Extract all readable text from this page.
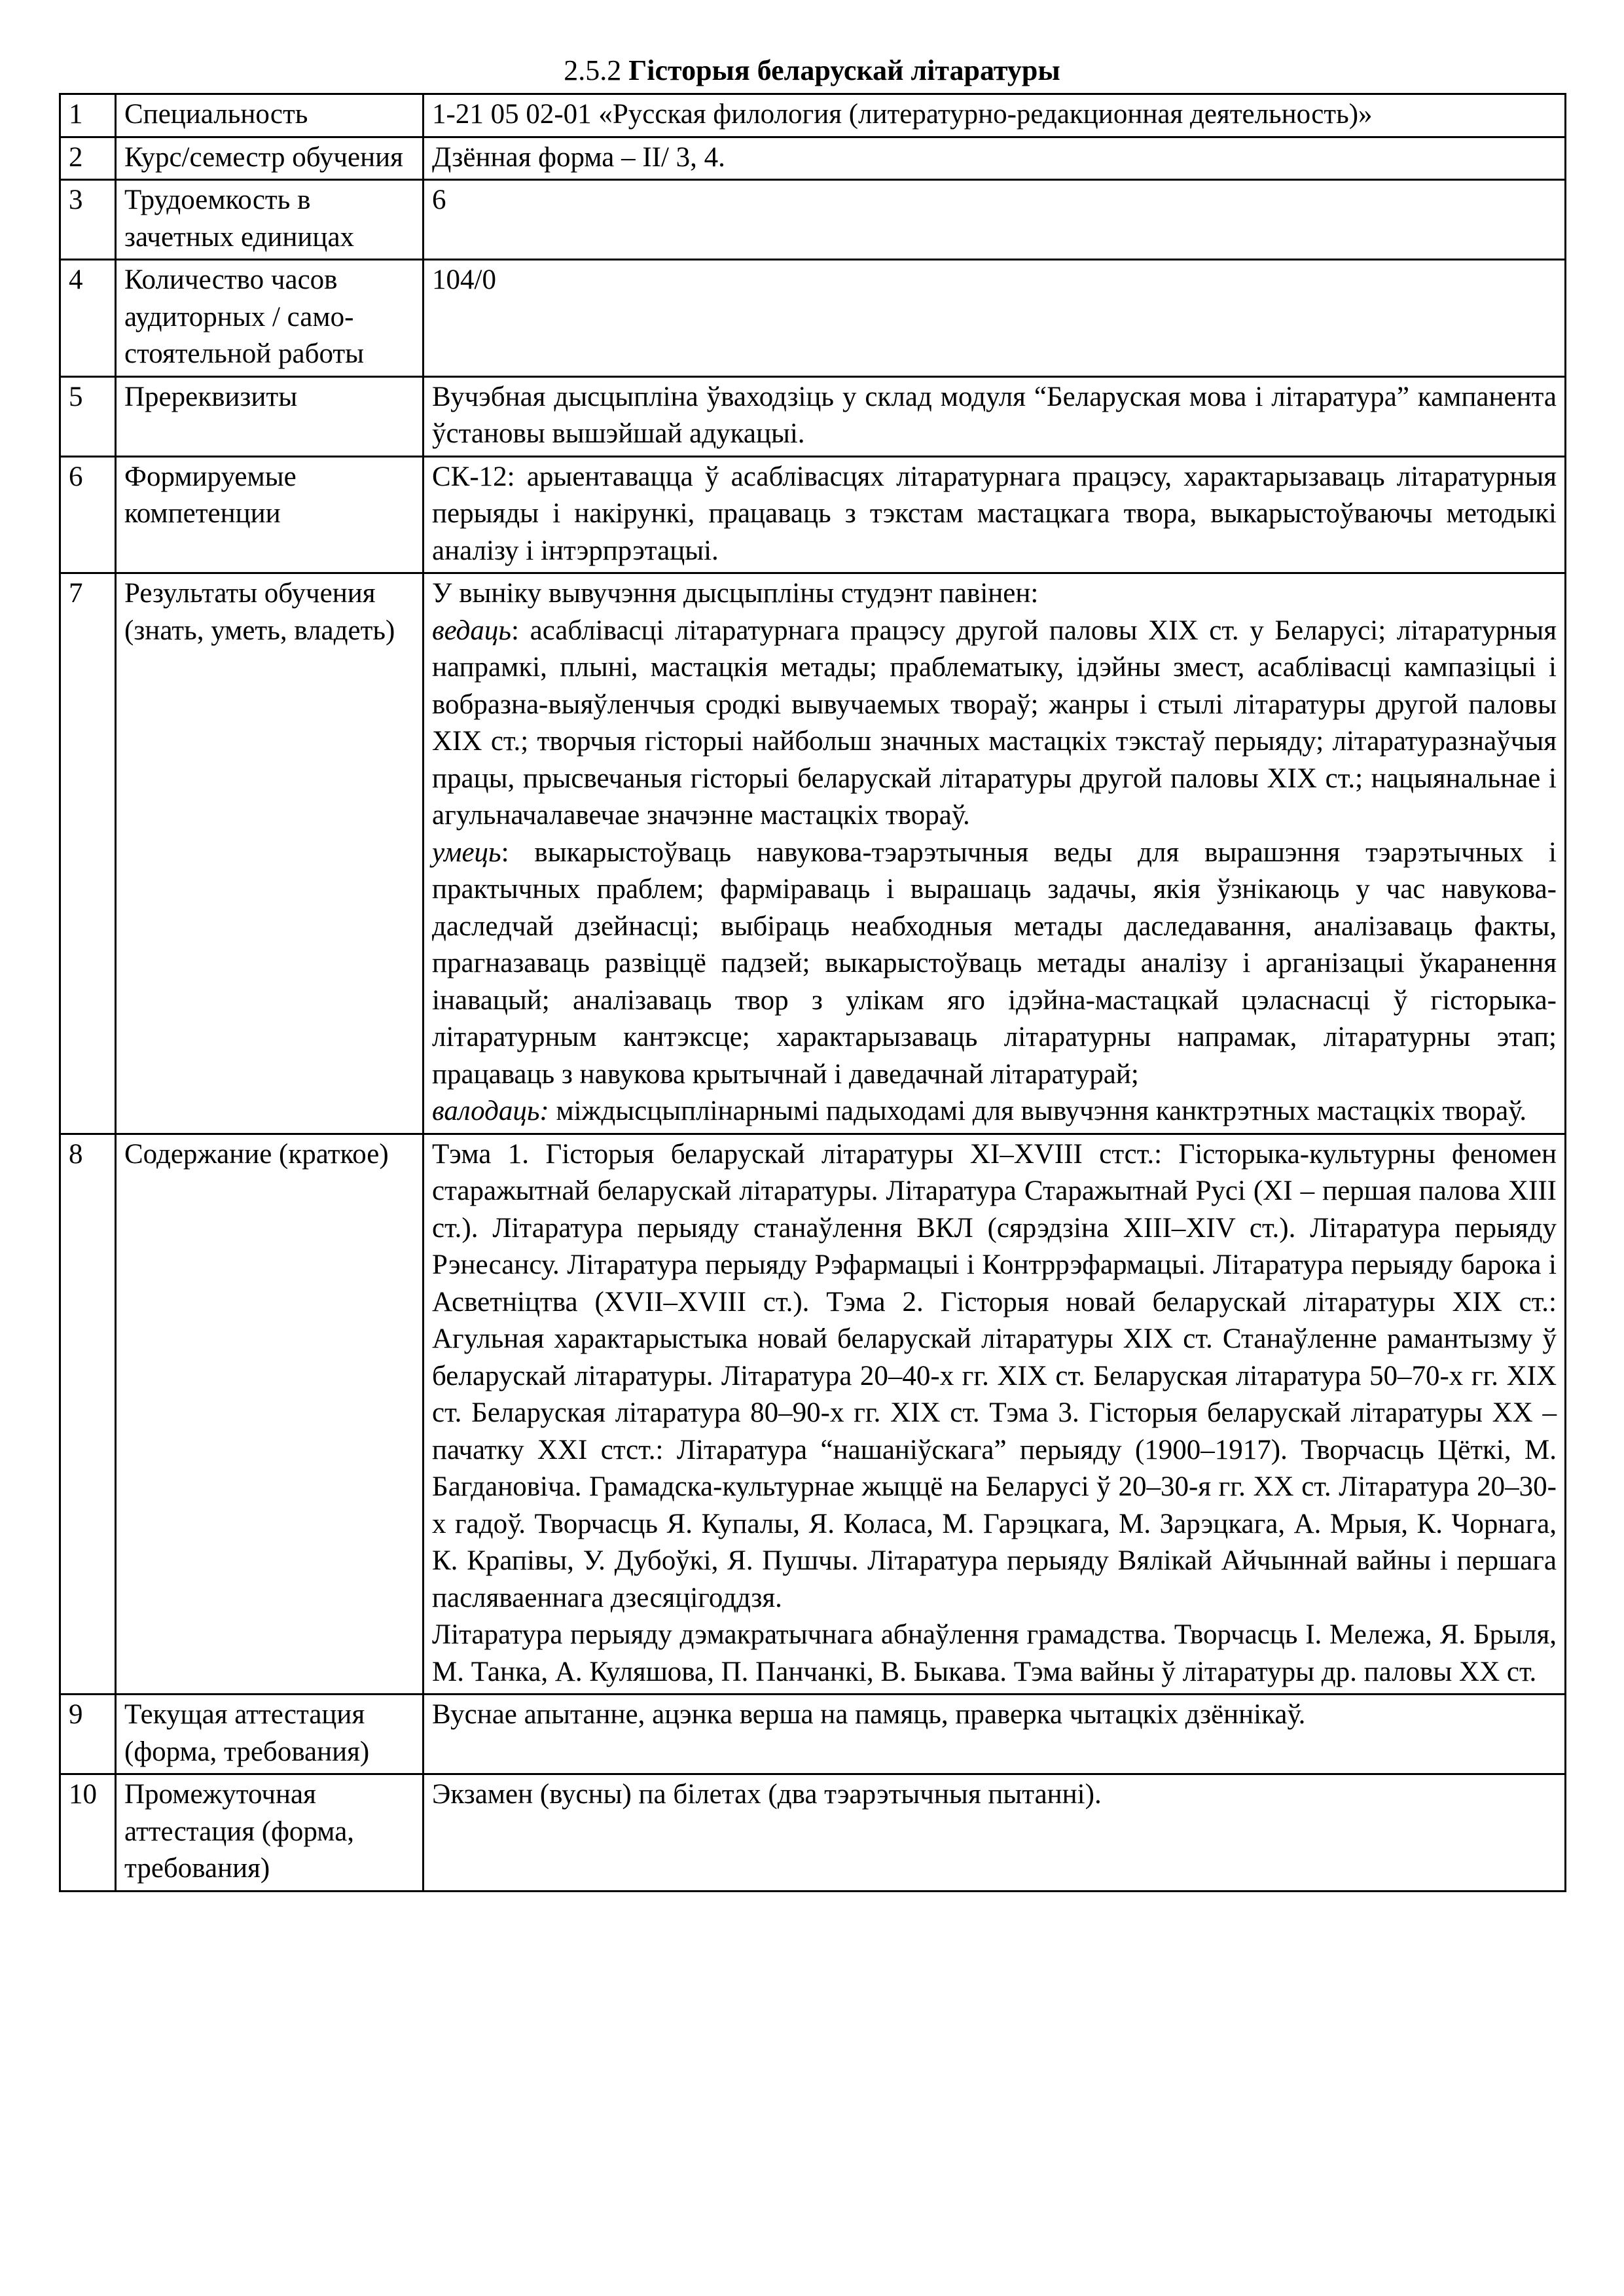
2.5.2 Гісторыя беларускай літаратуры
1	Специальность	1-21 05 02-01 «Русская филология (литературно-редакционная деятельность)»

2	Курс/семестр обучения	Дзённая форма – II/ 3, 4.

3	Трудоемкость в зачетных единицах	6

4	Количество часов аудиторных / само-стоятельной работы	104/0

5	Пререквизиты	Вучэбная дысцыпліна ўваходзіць у склад модуля “Беларуская мова і літаратура” кампанента ўстановы вышэйшай адукацыі.

6	Формируемые компетенции	СК-12: арыентавацца ў асаблівасцях літаратурнага працэсу, характарызаваць літаратурныя перыяды і накірункі, працаваць з тэкстам мастацкага твора, выкарыстоўваючы методыкі аналізу і інтэрпрэтацыі.

7	Результаты обучения (знать, уметь, владеть)	У выніку вывучэння дысцыпліны студэнт павінен:

ведаць: асаблівасці літаратурнага працэсу другой паловы XIX ст. у Беларусі; літаратурныя напрамкі, плыні, мастацкія метады; праблематыку, ідэйны змест, асаблівасці кампазіцыі і вобразна-выяўленчыя сродкі вывучаемых твораў; жанры і стылі літаратуры другой паловы XIX ст.; творчыя гісторыі найбольш значных мастацкіх тэкстаў перыяду; літаратуразнаўчыя працы, прысвечаныя гісторыі беларускай літаратуры другой паловы XIX ст.; нацыянальнае і агульначалавечае значэнне мастацкіх твораў.

умець: выкарыстоўваць навукова-тэарэтычныя веды для вырашэння тэарэтычных і практычных праблем; фарміраваць і вырашаць задачы, якія ўзнікаюць у час навукова-даследчай дзейнасці; выбіраць неабходныя метады даследавання, аналізаваць факты, прагназаваць развіццё падзей; выкарыстоўваць метады аналізу і арганізацыі ўкаранення інавацый; аналізаваць твор з улікам яго ідэйна-мастацкай цэласнасці ў гісторыка-літаратурным кантэксце; характарызаваць літаратурны напрамак, літаратурны этап; працаваць з навукова крытычнай і даведачнай літаратурай;

валодаць: міждысцыплінарнымі падыходамі для вывучэння канктрэтных мастацкіх твораў.

8	Содержание (краткое)	Тэма 1. Гісторыя беларускай літаратуры XI–XVIII стст.: Гісторыка-культурны феномен старажытнай беларускай літаратуры. Літаратура Старажытнай Русі (XI – першая палова XIII ст.). Літаратура перыяду станаўлення ВКЛ (сярэдзіна XIII–XIV ст.). Літаратура перыяду Рэнесансу. Літаратура перыяду Рэфармацыі і Контррэфармацыі. Літаратура перыяду барока і Асветніцтва (XVII–XVIII ст.). Тэма 2. Гісторыя новай беларускай літаратуры XIX ст.: Агульная характарыстыка новай беларускай літаратуры XIX ст. Станаўленне рамантызму ў беларускай літаратуры. Літаратура 20–40-х гг. XIX ст. Беларуская літаратура 50–70-х гг. XIX ст. Беларуская літаратура 80–90-х гг. XIX ст. Тэма 3. Гісторыя беларускай літаратуры XX – пачатку XXI стст.: Літаратура “нашаніўскага” перыяду (1900–1917). Творчасць Цёткі, М. Багдановіча. Грамадска-культурнае жыццё на Беларусі ў 20–30-я гг. XX ст. Літаратура 20–30-х гадоў. Творчасць Я. Купалы, Я. Коласа, М. Гарэцкага, М. Зарэцкага, А. Мрыя, К. Чорнага, К. Крапівы, У. Дубоўкі, Я. Пушчы. Літаратура перыяду Вялікай Айчыннай вайны і першага пасляваеннага дзесяцігоддзя.

Літаратура перыяду дэмакратычнага абнаўлення грамадства. Творчасць І. Мележа, Я. Брыля, М. Танка, А. Куляшова, П. Панчанкі, В. Быкава. Тэма вайны ў літаратуры др. паловы XX ст.

9	Текущая аттестация (форма, требования)	Вуснае апытанне, ацэнка верша на памяць, праверка чытацкіх дзённікаў.

10	Промежуточная аттестация (форма, требования)	Экзамен (вусны) па білетах (два тэарэтычныя пытанні).
